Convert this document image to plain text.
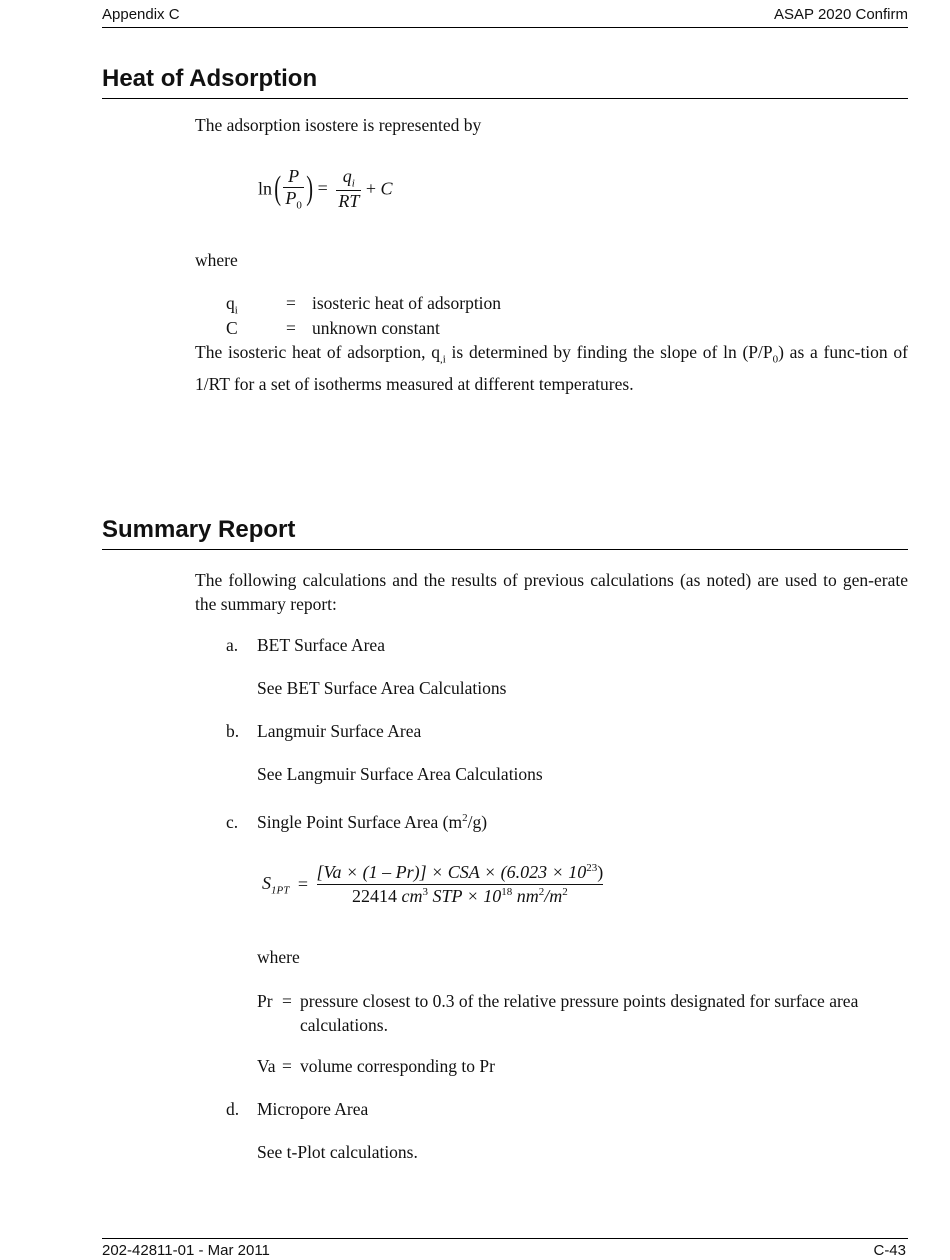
Appendix C	ASAP 2020 Confirm
Heat of Adsorption
The adsorption isostere is represented by
$\ln( \frac{P}{P_0}$ ) = $\frac{q_i}{RT} + C$
where
$q_i$	= isosteric heat of adsorption
C	= unknown constant
The isosteric heat of adsorption, $q_{,i}$ is determined by finding the slope of $\ln (P/P_0)$ as a func-tion of 1/RT for a set of isotherms measured at different temperatures.
Summary Report
The following calculations and the results of previous calculations (as noted) are used to gen-erate the summary report:
a. BET Surface Area
See BET Surface Area Calculations
b. Langmuir Surface Area
See Langmuir Surface Area Calculations
c. Single Point Surface Area $(m^2/g)$
$S_{1PT} = \frac{[Va \times (1 - Pr)] \times CSA \times (6.023 \times 10^{23})}{22414 cm^3 STP \times 10^{18} nm^2/m^2}$
where
Pr = pressure closest to 0.3 of the relative pressure points designated for surface area calculations.
Va = volume corresponding to Pr
d. Micropore Area
See t-Plot calculations.
202-42811-01 - Mar 2011	C-43
